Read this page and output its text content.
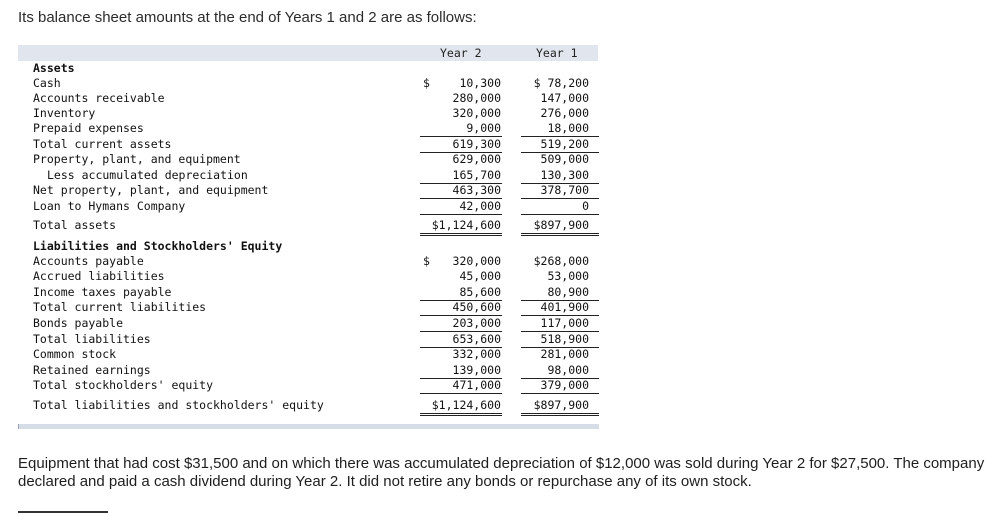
Its balance sheet amounts at the end of Years 1 and 2 are as follows:

Year 2	Year 1
Assets
Cash	$	10,300	$ 78,200
Accounts receivable	280,000	147,000
Inventory	320,000	276,000
Prepaid expenses	9,000	18,000
Total current assets	619,300	519,200
Property, plant, and equipment	629,000	509,000
Less accumulated depreciation	165,700	130,300
Net property, plant, and equipment	463,300	378,700
Loan to Hymans Company	42,000	0
Total assets	$1,124,600	$897,900
Liabilities and Stockholders' Equity
Accounts payable	$ 320,000	$268,000
Accrued liabilities	45,000	53,000
Income taxes payable	85,600	80,900
Total current liabilities	450,600	401,900
Bonds payable	203,000	117,000
Total liabilities	653,600	518,900
Common stock	332,000	281,000
Retained earnings	139,000	98,000
Total stockholders' equity	471,000	379,000
Total liabilities and stockholders' equity	$1,124,600	$897,900

Equipment that had cost $31,500 and on which there was accumulated depreciation of $12,000 was sold during Year 2 for $27,500. The company declared and paid a cash dividend during Year 2. It did not retire any bonds or repurchase any of its own stock.
